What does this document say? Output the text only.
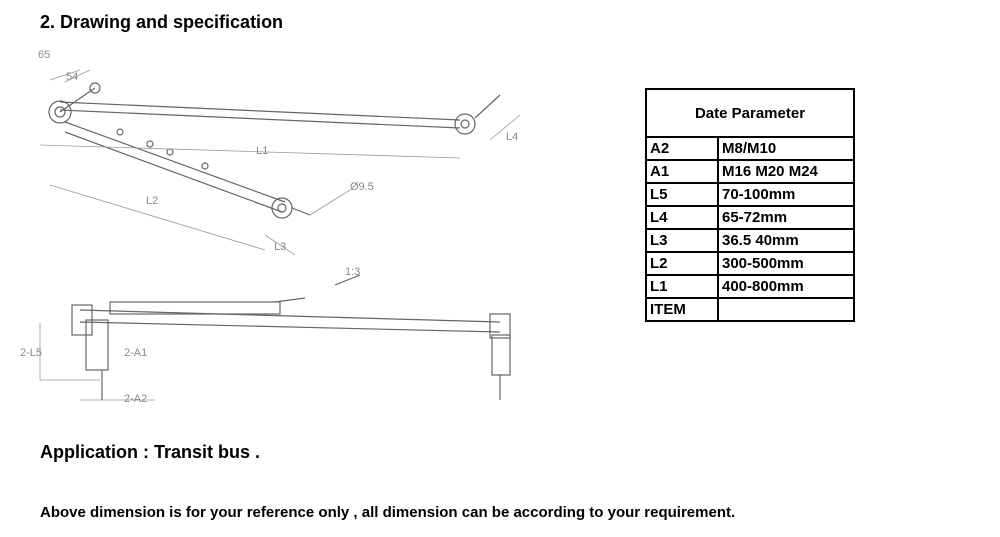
2. Drawing and specification
65
54
L1
L2
L3
L4
Ø9.5
1:3
2-L5	2-A1
2-A2
Date Parameter	
A2	M8/M10
A1	M16 M20 M24
L5	70-100mm
L4	65-72mm
L3	36.5 40mm
L2	300-500mm
L1	400-800mm
ITEM	

Application : Transit bus .

Above dimension is for your reference only , all dimension can be according to your requirement.
